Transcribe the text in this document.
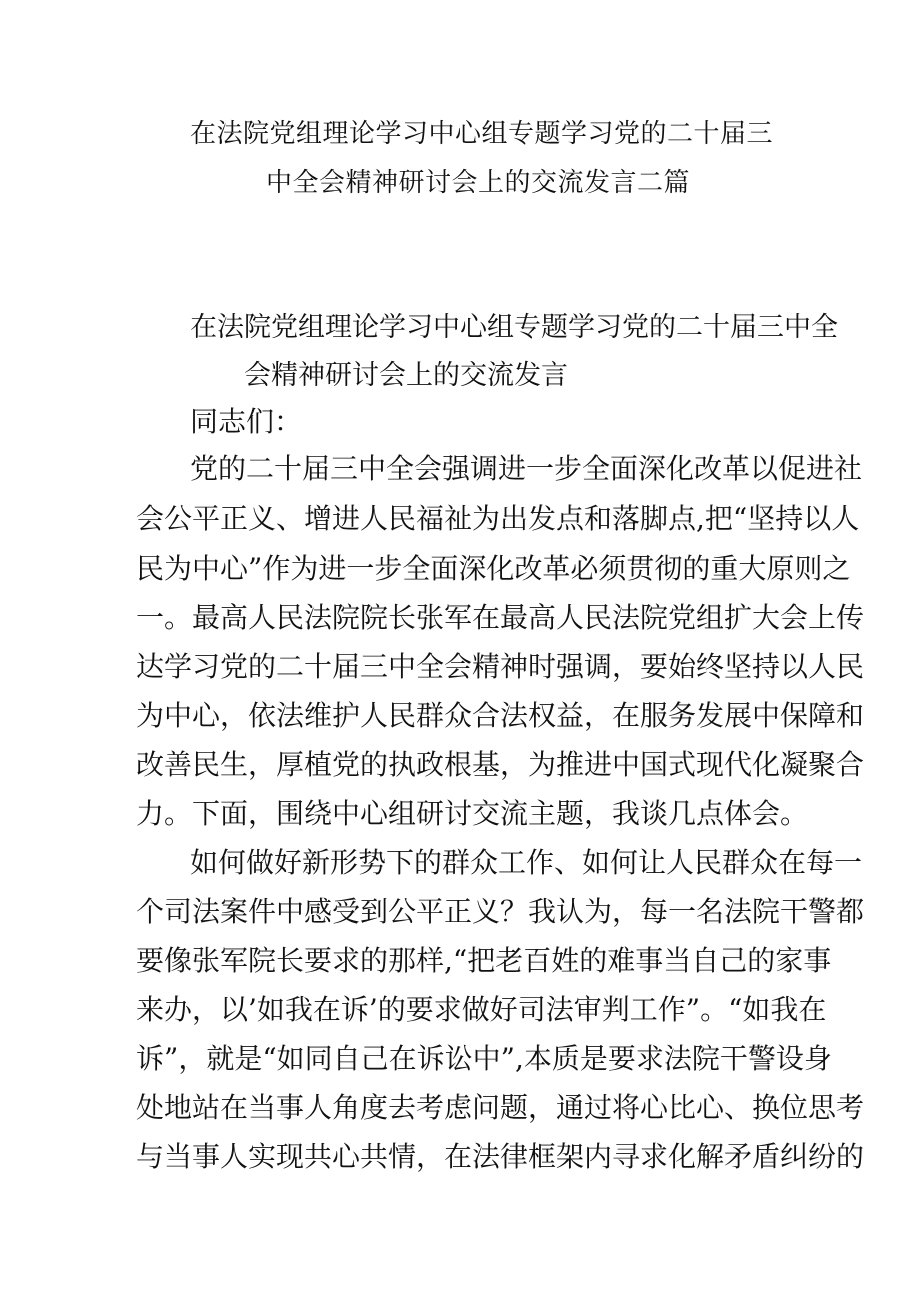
在法院党组理论学习中心组专题学习党的二十届三
中全会精神研讨会上的交流发言二篇
在法院党组理论学习中心组专题学习党的二十届三中全
会精神研讨会上的交流发言
同志们：
党的二十届三中全会强调进一步全面深化改革以促进社
会公平正义、增进人民福祉为出发点和落脚点,把“坚持以人
民为中心”作为进一步全面深化改革必须贯彻的重大原则之
一。最高人民法院院长张军在最高人民法院党组扩大会上传
达学习党的二十届三中全会精神时强调，要始终坚持以人民
为中心，依法维护人民群众合法权益，在服务发展中保障和
改善民生，厚植党的执政根基，为推进中国式现代化凝聚合
力。下面，围绕中心组研讨交流主题，我谈几点体会。
如何做好新形势下的群众工作、如何让人民群众在每一
个司法案件中感受到公平正义？我认为，每一名法院干警都
要像张军院长要求的那样,“把老百姓的难事当自己的家事
来办，以’如我在诉’的要求做好司法审判工作”。“如我在
诉”，就是“如同自己在诉讼中”,本质是要求法院干警设身
处地站在当事人角度去考虑问题，通过将心比心、换位思考
与当事人实现共心共情，在法律框架内寻求化解矛盾纠纷的
